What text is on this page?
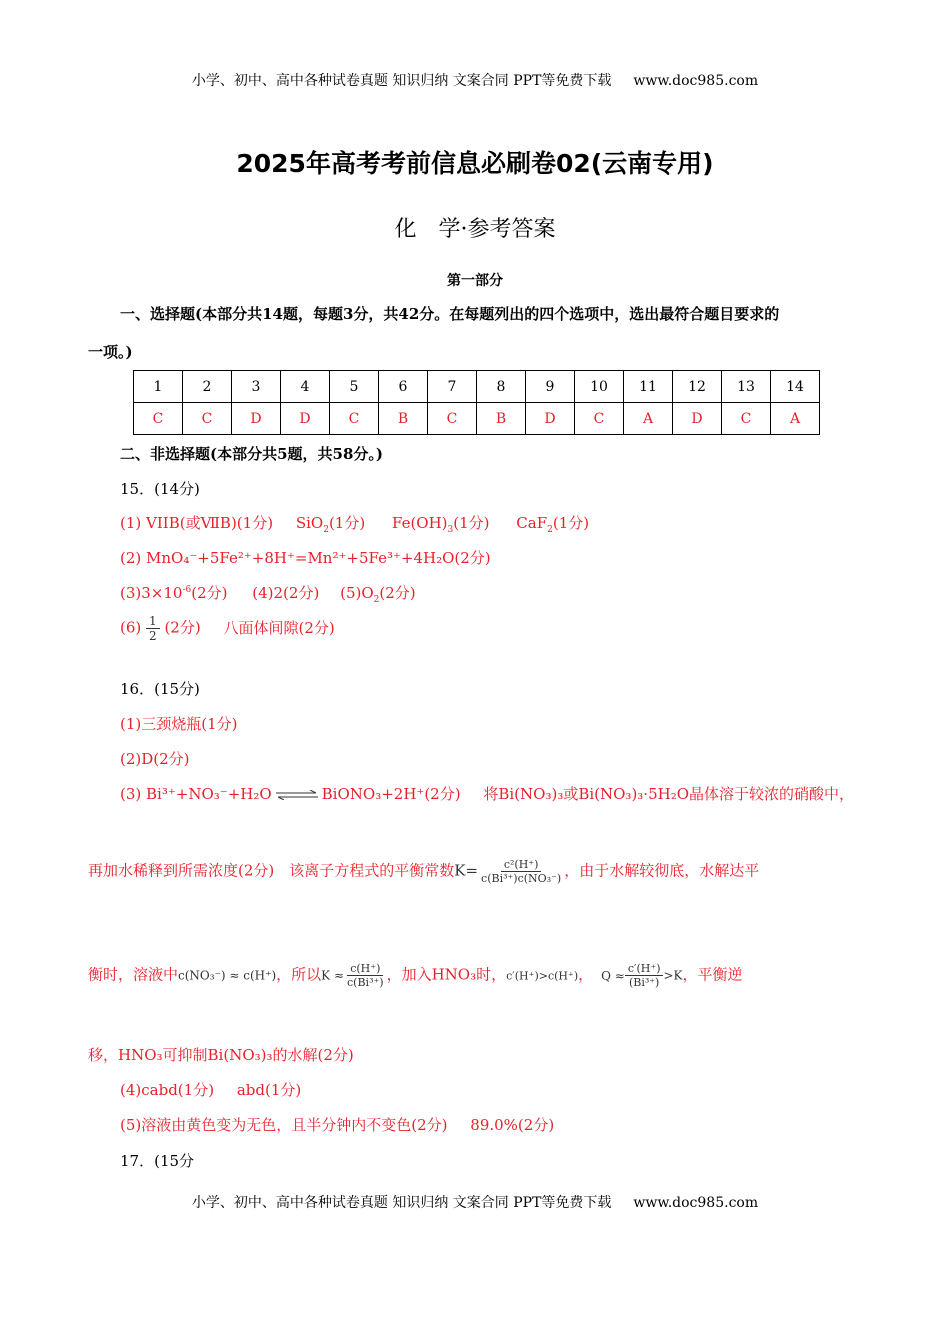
小学、初中、高中各种试卷真题 知识归纳 文案合同 PPT等免费下载 www.doc985.com
2025年高考考前信息必刷卷02(云南专用)
化　学·参考答案
第一部分
一、选择题(本部分共14题，每题3分，共42分。在每题列出的四个选项中，选出最符合题目要求的
一项。)
1	2	3	4	5	6	7	8	9	10	11	12	13	14
C	C	D	D	C	B	C	B	D	C	A	D	C	A
二、非选择题(本部分共5题，共58分。)
15．(14分)
(1) VIIB(或ⅦB)(1分) SiO$_2$(1分) $Fe(OH)_3(1$分) CaF$_2$(1分)
(2) MnO₄⁻+5Fe²⁺+8H⁺=Mn²⁺+5Fe³⁺+4H₂O(2分)
$(3)3\times 10^{-6}(2$分) (4)2(2分) $(5)O_2(2$分)
$(6) \frac{1}{2} (2$分) 八面体间隙(2分)
16．(15分)
(1)三颈烧瓶(1分)
(2)D(2分)
(3) Bi³⁺+NO₃⁻+H₂O ⇌ BiONO₃+2H⁺(2分) 将Bi(NO₃)₃或Bi(NO₃)₃·5H₂O晶体溶于较浓的硝酸中，
再加水稀释到所需浓度(2分)　该离子方程式的平衡常数$K= \frac{\text{c²(H⁺)}}{\text{c(Bi³⁺)c(NO₃⁻)}}$ ，由于水解较彻底，水解达平
衡时，溶液中c(NO₃⁻) ≈ c(H⁺)，所以$K \approx \frac{c(H^+)}{\text{c(Bi³⁺)}}$ ，加入HNO₃时，c′(H⁺)>c(H⁺)， $Q \approx \frac{c'(H^+)}{\text{(Bi³⁺)}} >K$，平衡逆
移，HNO₃可抑制Bi(NO₃)₃的水解(2分)
(4)cabd(1分) abd(1分)
(5)溶液由黄色变为无色，且半分钟内不变色(2分) 89.0%(2分)
17．(15分
小学、初中、高中各种试卷真题 知识归纳 文案合同 PPT等免费下载 www.doc985.com
